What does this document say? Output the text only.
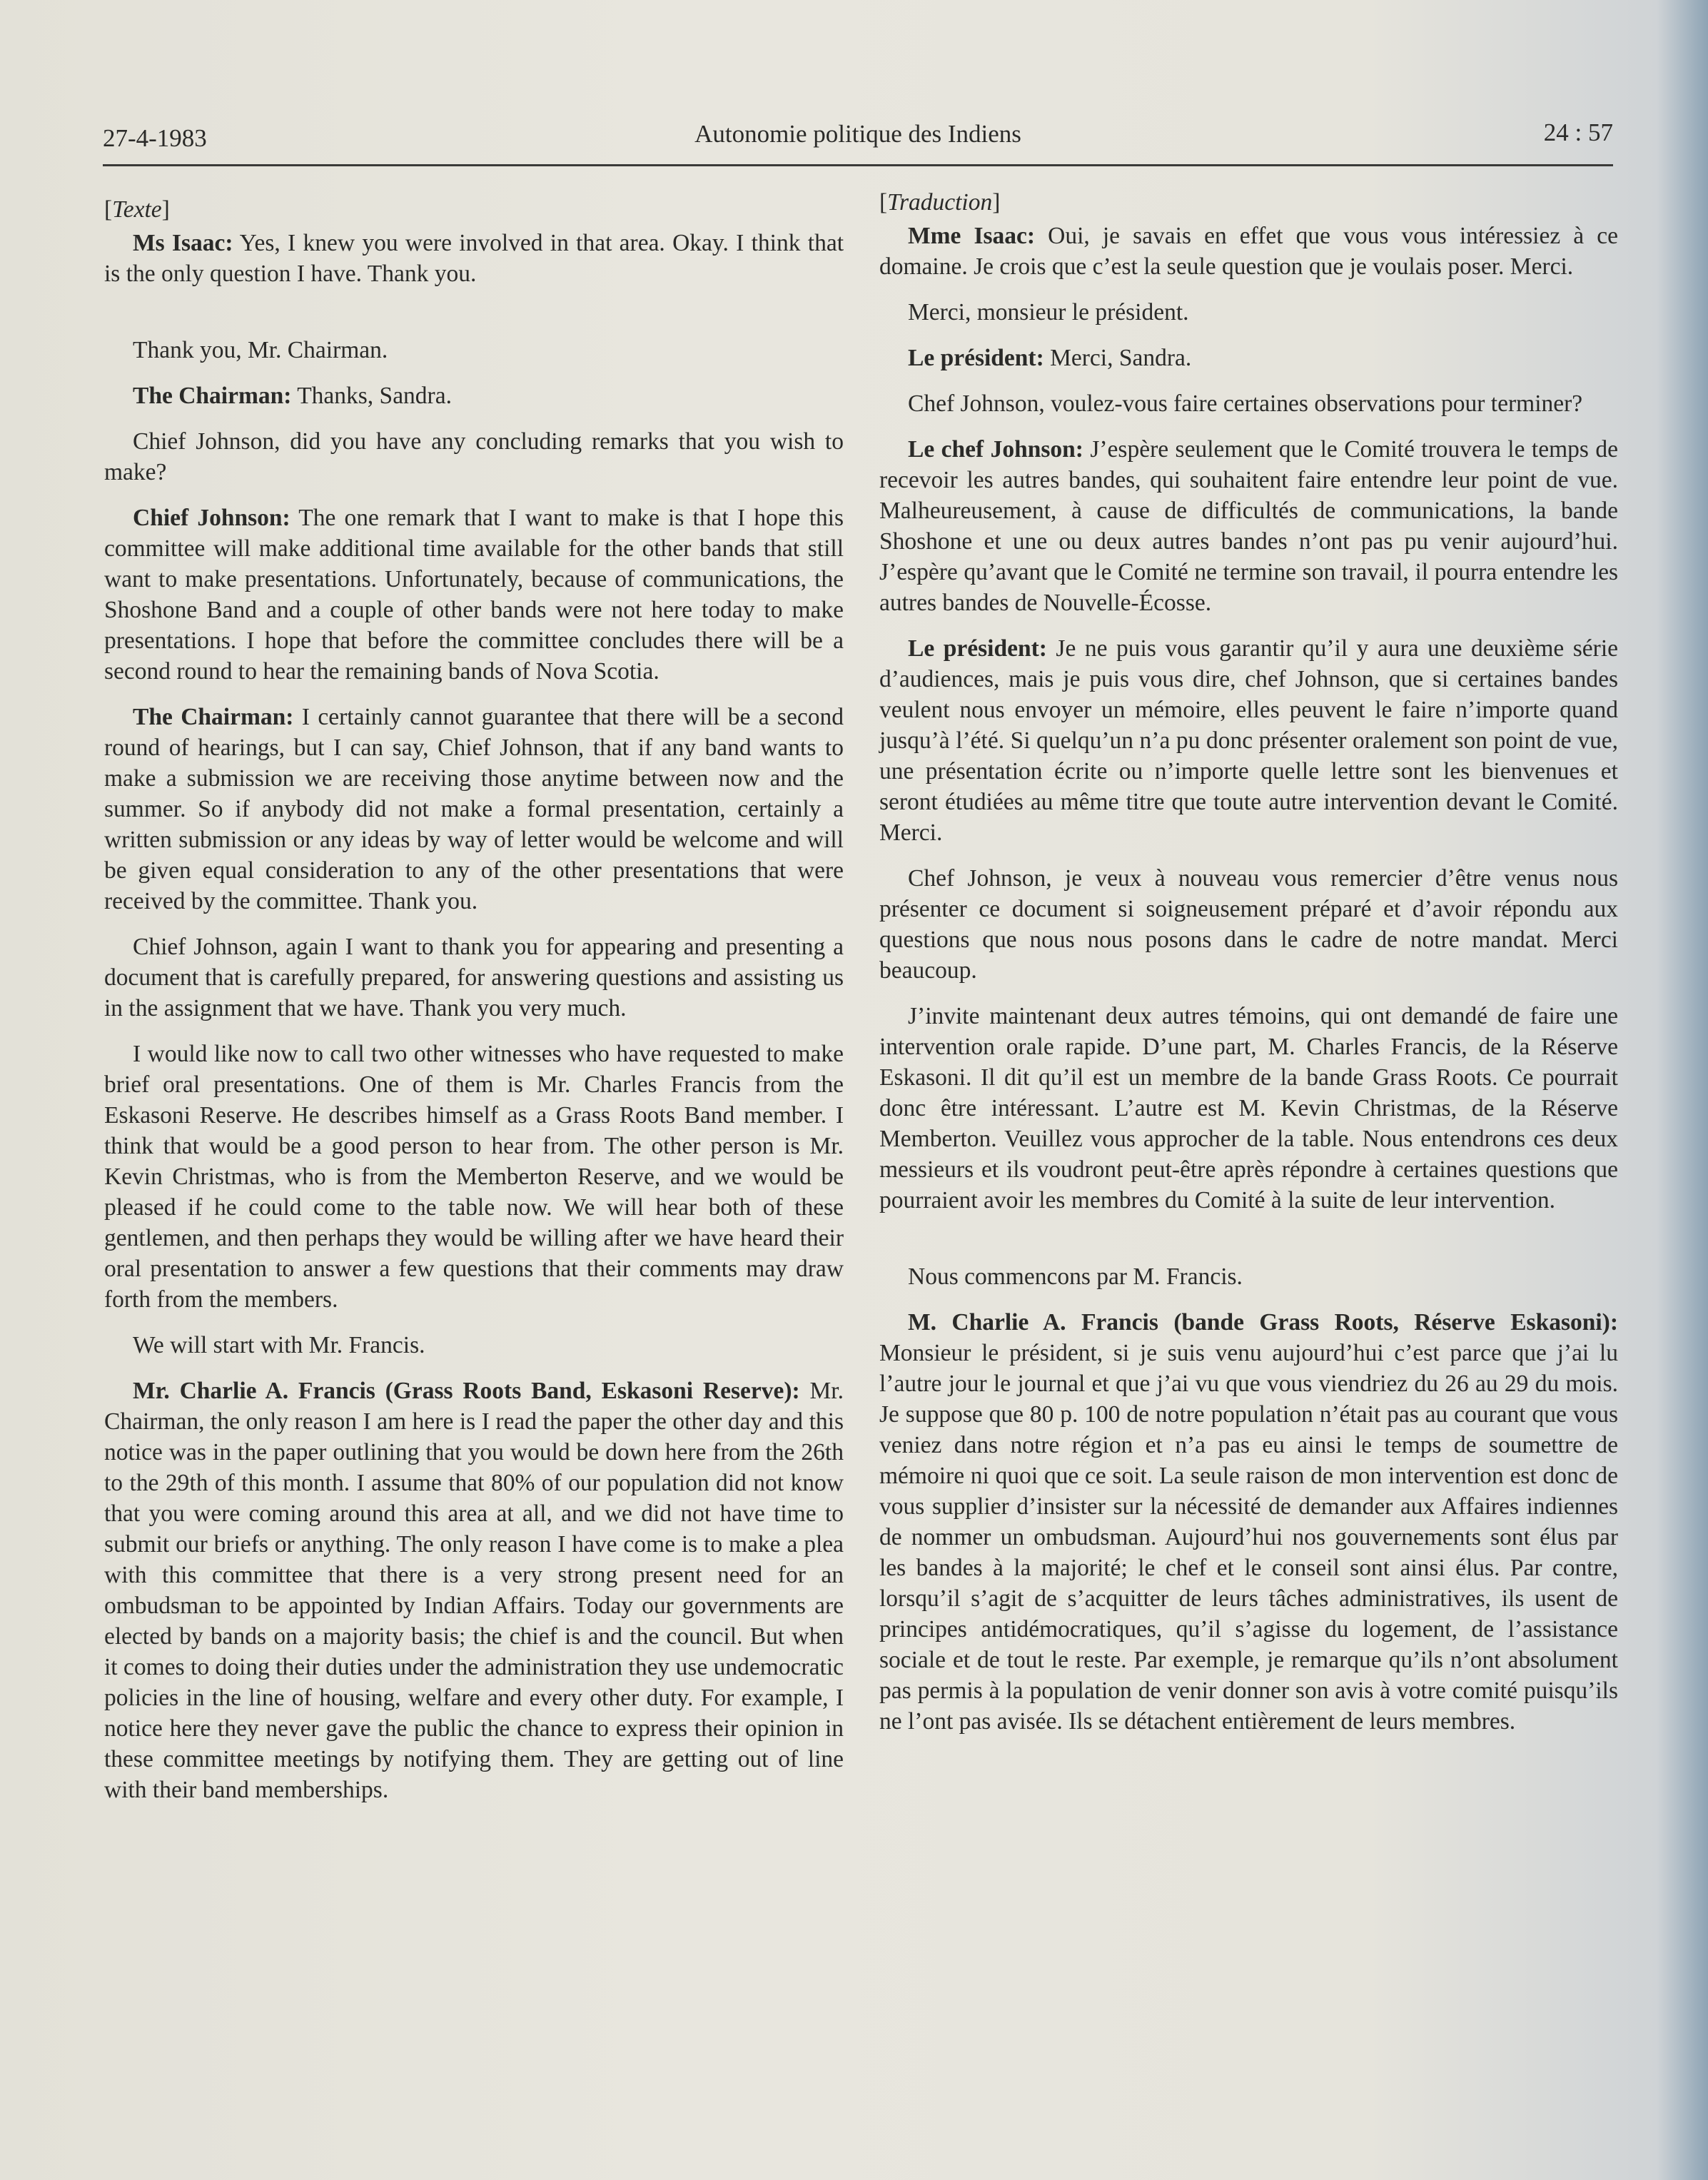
27-4-1983	Autonomie politique des Indiens	24 : 57

[Texte]

Ms Isaac: Yes, I knew you were involved in that area. Okay. I think that is the only question I have. Thank you.

Thank you, Mr. Chairman.

The Chairman: Thanks, Sandra.

Chief Johnson, did you have any concluding remarks that you wish to make?

Chief Johnson: The one remark that I want to make is that I hope this committee will make additional time available for the other bands that still want to make presentations. Unfortunately, because of communications, the Shoshone Band and a couple of other bands were not here today to make presentations. I hope that before the committee concludes there will be a second round to hear the remaining bands of Nova Scotia.

The Chairman: I certainly cannot guarantee that there will be a second round of hearings, but I can say, Chief Johnson, that if any band wants to make a submission we are receiving those anytime between now and the summer. So if anybody did not make a formal presentation, certainly a written submission or any ideas by way of letter would be welcome and will be given equal consideration to any of the other presentations that were received by the committee. Thank you.

Chief Johnson, again I want to thank you for appearing and presenting a document that is carefully prepared, for answering questions and assisting us in the assignment that we have. Thank you very much.

I would like now to call two other witnesses who have requested to make brief oral presentations. One of them is Mr. Charles Francis from the Eskasoni Reserve. He describes himself as a Grass Roots Band member. I think that would be a good person to hear from. The other person is Mr. Kevin Christmas, who is from the Memberton Reserve, and we would be pleased if he could come to the table now. We will hear both of these gentlemen, and then perhaps they would be willing after we have heard their oral presentation to answer a few questions that their comments may draw forth from the members.

We will start with Mr. Francis.

Mr. Charlie A. Francis (Grass Roots Band, Eskasoni Reserve): Mr. Chairman, the only reason I am here is I read the paper the other day and this notice was in the paper outlining that you would be down here from the 26th to the 29th of this month. I assume that 80% of our population did not know that you were coming around this area at all, and we did not have time to submit our briefs or anything. The only reason I have come is to make a plea with this committee that there is a very strong present need for an ombudsman to be appointed by Indian Affairs. Today our governments are elected by bands on a majority basis; the chief is and the council. But when it comes to doing their duties under the administration they use undemocratic policies in the line of housing, welfare and every other duty. For example, I notice here they never gave the public the chance to express their opinion in these committee meetings by notifying them. They are getting out of line with their band memberships.

[Traduction]

Mme Isaac: Oui, je savais en effet que vous vous intéressiez à ce domaine. Je crois que c’est la seule question que je voulais poser. Merci.

Merci, monsieur le président.

Le président: Merci, Sandra.

Chef Johnson, voulez-vous faire certaines observations pour terminer?

Le chef Johnson: J’espère seulement que le Comité trouvera le temps de recevoir les autres bandes, qui souhaitent faire entendre leur point de vue. Malheureusement, à cause de difficultés de communications, la bande Shoshone et une ou deux autres bandes n’ont pas pu venir aujourd’hui. J’espère qu’avant que le Comité ne termine son travail, il pourra entendre les autres bandes de Nouvelle-Écosse.

Le président: Je ne puis vous garantir qu’il y aura une deuxième série d’audiences, mais je puis vous dire, chef Johnson, que si certaines bandes veulent nous envoyer un mémoire, elles peuvent le faire n’importe quand jusqu’à l’été. Si quelqu’un n’a pu donc présenter oralement son point de vue, une présentation écrite ou n’importe quelle lettre sont les bienvenues et seront étudiées au même titre que toute autre intervention devant le Comité. Merci.

Chef Johnson, je veux à nouveau vous remercier d’être venus nous présenter ce document si soigneusement préparé et d’avoir répondu aux questions que nous nous posons dans le cadre de notre mandat. Merci beaucoup.

J’invite maintenant deux autres témoins, qui ont demandé de faire une intervention orale rapide. D’une part, M. Charles Francis, de la Réserve Eskasoni. Il dit qu’il est un membre de la bande Grass Roots. Ce pourrait donc être intéressant. L’autre est M. Kevin Christmas, de la Réserve Memberton. Veuillez vous approcher de la table. Nous entendrons ces deux messieurs et ils voudront peut-être après répondre à certaines questions que pourraient avoir les membres du Comité à la suite de leur intervention.

Nous commencons par M. Francis.

M. Charlie A. Francis (bande Grass Roots, Réserve Eskasoni): Monsieur le président, si je suis venu aujourd’hui c’est parce que j’ai lu l’autre jour le journal et que j’ai vu que vous viendriez du 26 au 29 du mois. Je suppose que 80 p. 100 de notre population n’était pas au courant que vous veniez dans notre région et n’a pas eu ainsi le temps de soumettre de mémoire ni quoi que ce soit. La seule raison de mon intervention est donc de vous supplier d’insister sur la nécessité de demander aux Affaires indiennes de nommer un ombudsman. Aujourd’hui nos gouvernements sont élus par les bandes à la majorité; le chef et le conseil sont ainsi élus. Par contre, lorsqu’il s’agit de s’acquitter de leurs tâches administratives, ils usent de principes antidémocratiques, qu’il s’agisse du logement, de l’assistance sociale et de tout le reste. Par exemple, je remarque qu’ils n’ont absolument pas permis à la population de venir donner son avis à votre comité puisqu’ils ne l’ont pas avisée. Ils se détachent entièrement de leurs membres.
